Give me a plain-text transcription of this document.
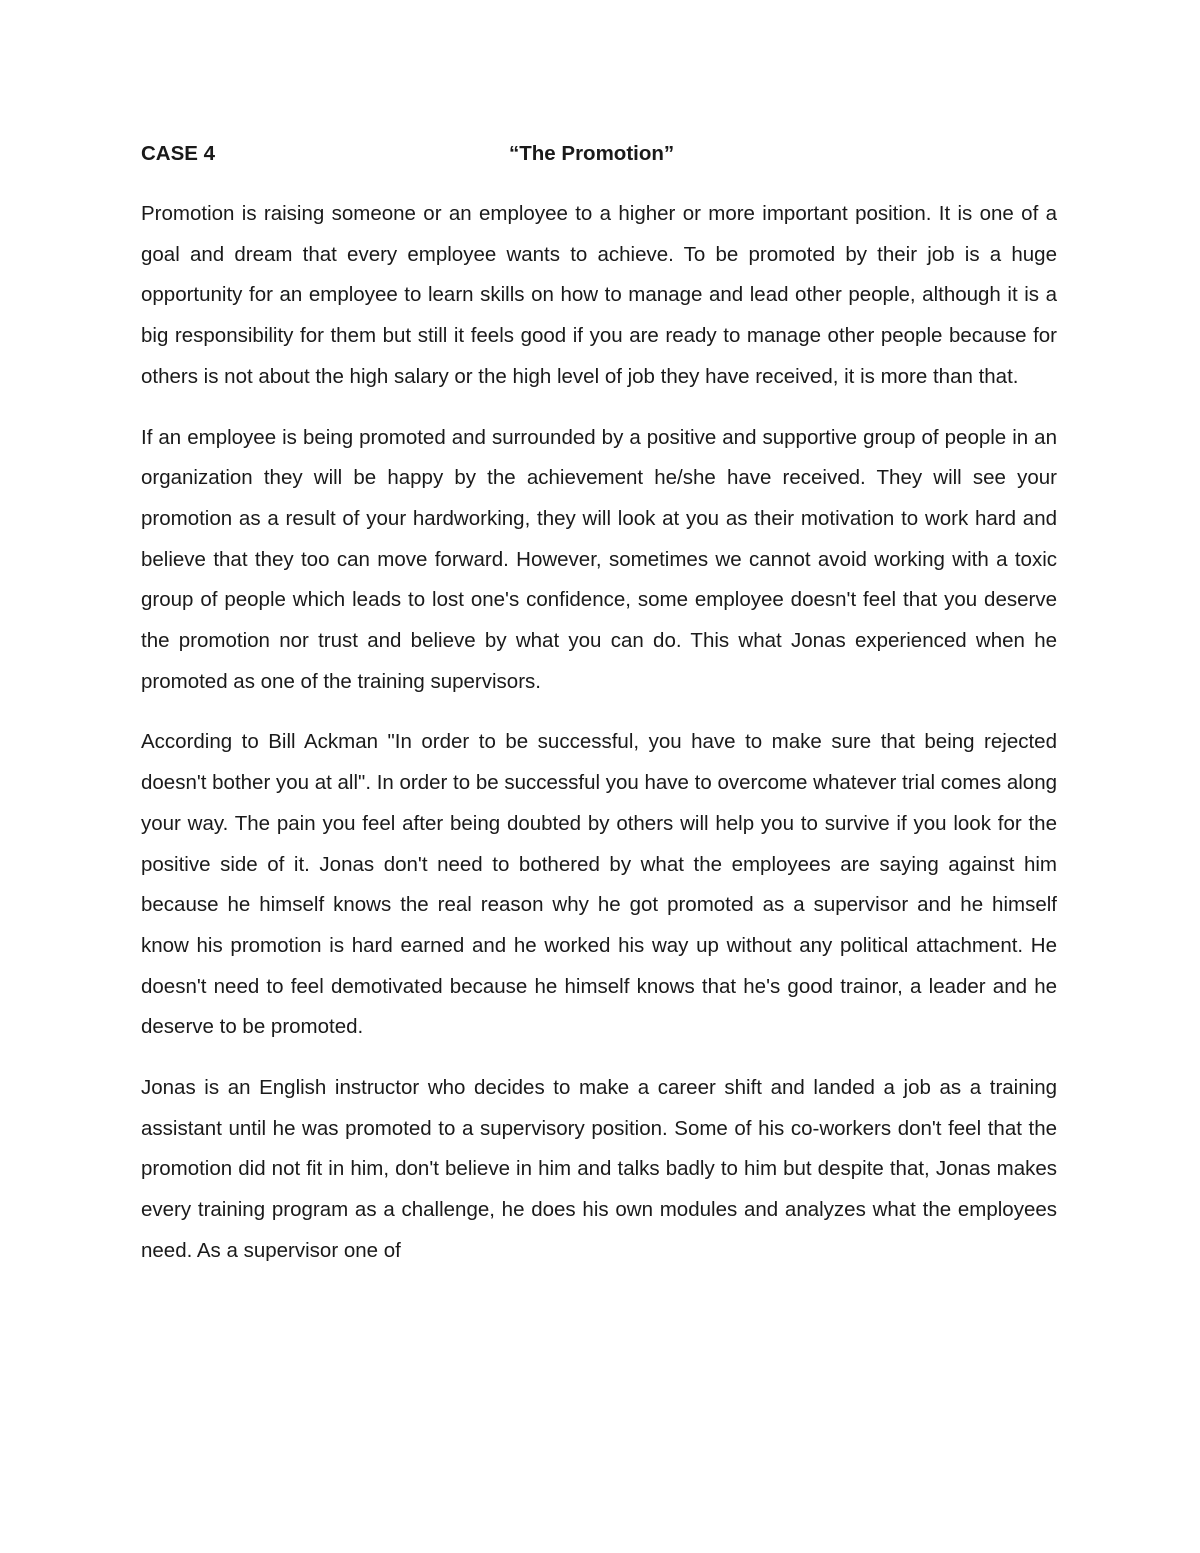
CASE 4	“The Promotion”

Promotion is raising someone or an employee to a higher or more important position. It is one of a goal and dream that every employee wants to achieve. To be promoted by their job is a huge opportunity for an employee to learn skills on how to manage and lead other people, although it is a big responsibility for them but still it feels good if you are ready to manage other people because for others is not about the high salary or the high level of job they have received, it is more than that.

If an employee is being promoted and surrounded by a positive and supportive group of people in an organization they will be happy by the achievement he/she have received. They will see your promotion as a result of your hardworking, they will look at you as their motivation to work hard and believe that they too can move forward. However, sometimes we cannot avoid working with a toxic group of people which leads to lost one's confidence, some employee doesn't feel that you deserve the promotion nor trust and believe by what you can do. This what Jonas experienced when he promoted as one of the training supervisors.

According to Bill Ackman "In order to be successful, you have to make sure that being rejected doesn't bother you at all". In order to be successful you have to overcome whatever trial comes along your way. The pain you feel after being doubted by others will help you to survive if you look for the positive side of it. Jonas don't need to bothered by what the employees are saying against him because he himself knows the real reason why he got promoted as a supervisor and he himself know his promotion is hard earned and he worked his way up without any political attachment. He doesn't need to feel demotivated because he himself knows that he's good trainor, a leader and he deserve to be promoted.

Jonas is an English instructor who decides to make a career shift and landed a job as a training assistant until he was promoted to a supervisory position. Some of his co-workers don't feel that the promotion did not fit in him, don't believe in him and talks badly to him but despite that, Jonas makes every training program as a challenge, he does his own modules and analyzes what the employees need. As a supervisor one of
